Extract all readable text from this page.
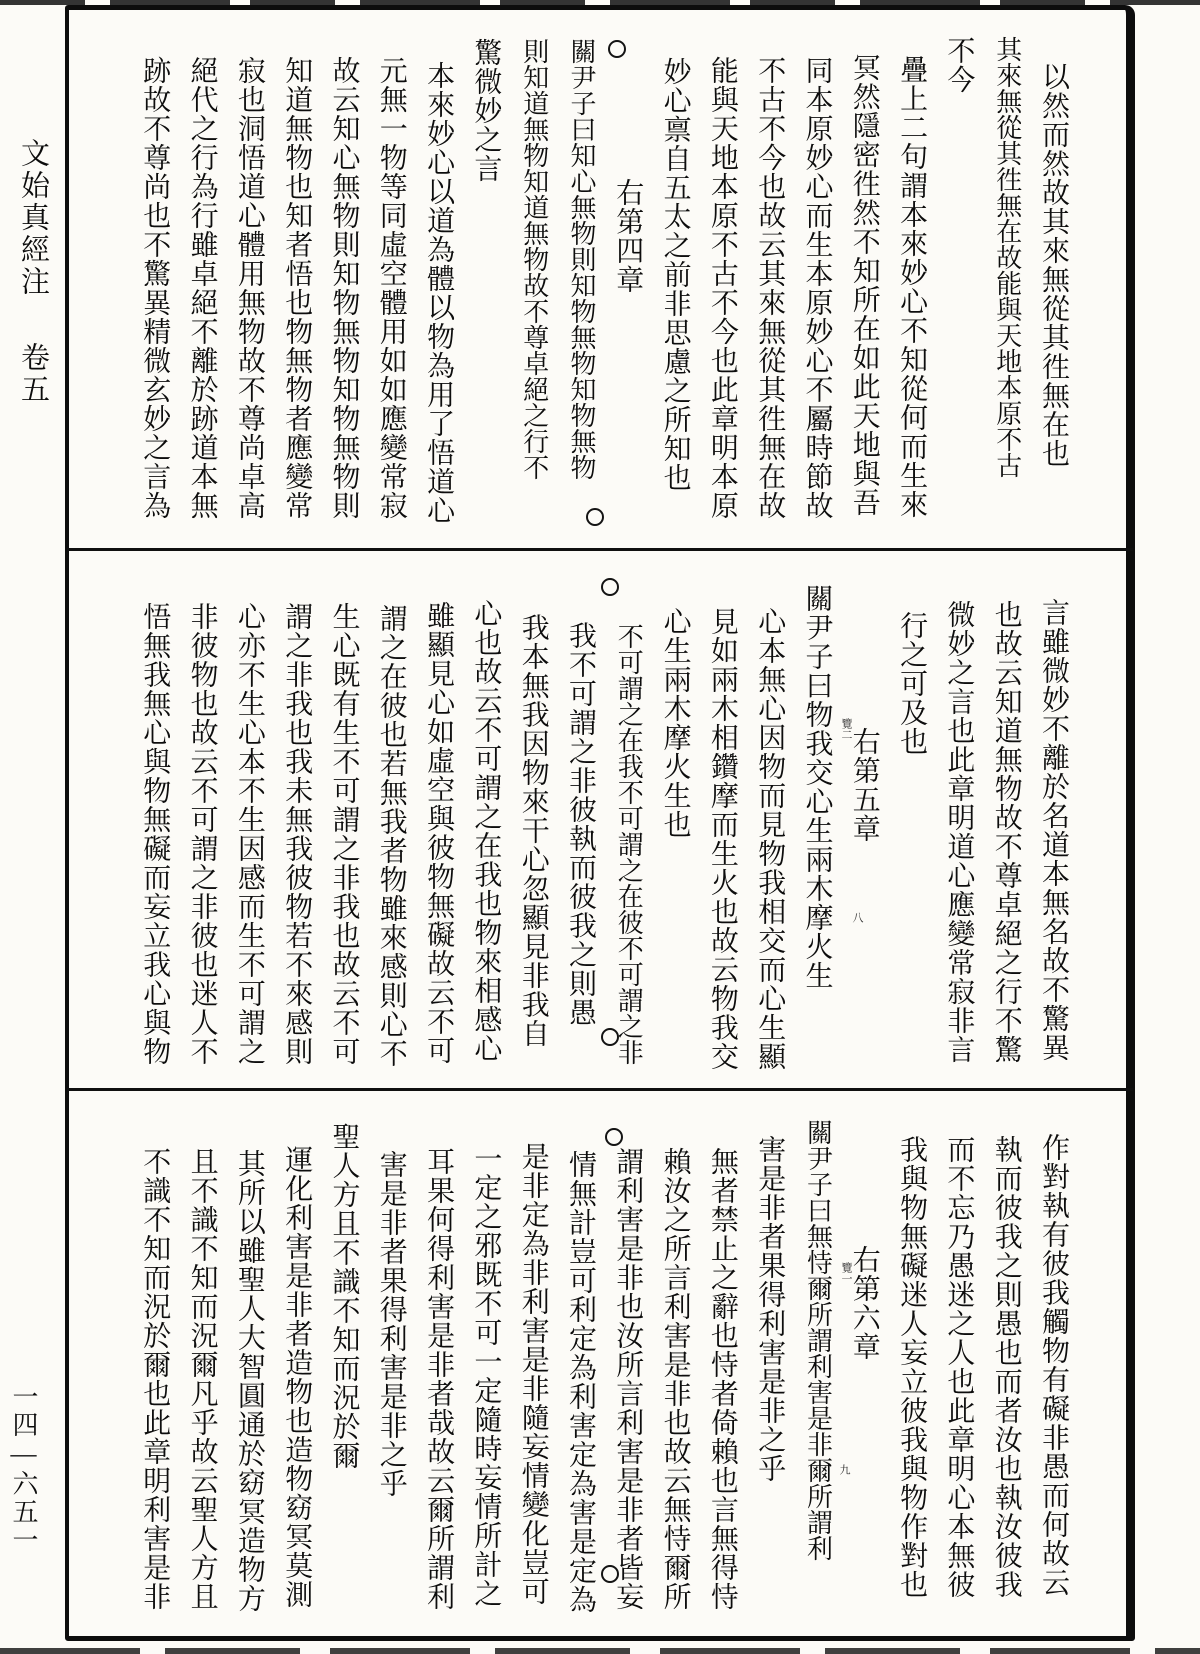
文始真經注
卷五
一四—六五一
以然而然故其來無從其徃無在也
其來無從其徃無在故能與天地本原不古
不今
疊上二句謂本來妙心不知從何而生來
冥然隱密徃然不知所在如此天地與吾
同本原妙心而生本原妙心不屬時節故
不古不今也故云其來無從其徃無在故
能與天地本原不古不今也此章明本原
妙心禀自五太之前非思慮之所知也
右第四章
關尹子曰知心無物則知物無物知物無物
則知道無物知道無物故不尊卓絕之行不
驚微妙之言
本來妙心以道為體以物為用了悟道心
元無一物等同虛空體用如如應變常寂
故云知心無物則知物無物知物無物則
知道無物也知者悟也物無物者應變常
寂也洞悟道心體用無物故不尊尚卓高
絕代之行為行雖卓絕不離於跡道本無
跡故不尊尚也不驚異精微玄妙之言為
言雖微妙不離於名道本無名故不驚異
也故云知道無物故不尊卓絕之行不驚
微妙之言也此章明道心應變常寂非言
行之可及也
右第五章
關尹子曰物我交心生兩木摩火生
心本無心因物而見物我相交而心生顯
見如兩木相鑽摩而生火也故云物我交
心生兩木摩火生也
不可謂之在我不可謂之在彼不可謂之非
我不可謂之非彼執而彼我之則愚
我本無我因物來干心忽顯見非我自
心也故云不可謂之在我也物來相感心
雖顯見心如虛空與彼物無礙故云不可
謂之在彼也若無我者物雖來感則心不
生心既有生不可謂之非我也故云不可
謂之非我也我未無我彼物若不來感則
心亦不生心本不生因感而生不可謂之
非彼物也故云不可謂之非彼也迷人不
悟無我無心與物無礙而妄立我心與物	覽二
八
作對執有彼我觸物有礙非愚而何故云
執而彼我之則愚也而者汝也執汝彼我
而不忘乃愚迷之人也此章明心本無彼
我與物無礙迷人妄立彼我與物作對也
右第六章
關尹子曰無恃爾所謂利害是非爾所謂利
害是非者果得利害是非之乎
無者禁止之辭也恃者倚賴也言無得恃
賴汝之所言利害是非也故云無恃爾所
謂利害是非也汝所言利害是非者皆妄
情無計豈可利定為利害定為害是定為
是非定為非利害是非隨妄情變化豈可
一定之邪既不可一定隨時妄情所計之
耳果何得利害是非者哉故云爾所謂利
害是非者果得利害是非之乎
聖人方且不識不知而況於爾
運化利害是非者造物也造物窈冥莫測
其所以雖聖人大智圓通於窈冥造物方
且不識不知而況爾凡乎故云聖人方且
不識不知而況於爾也此章明利害是非	覽一
九
